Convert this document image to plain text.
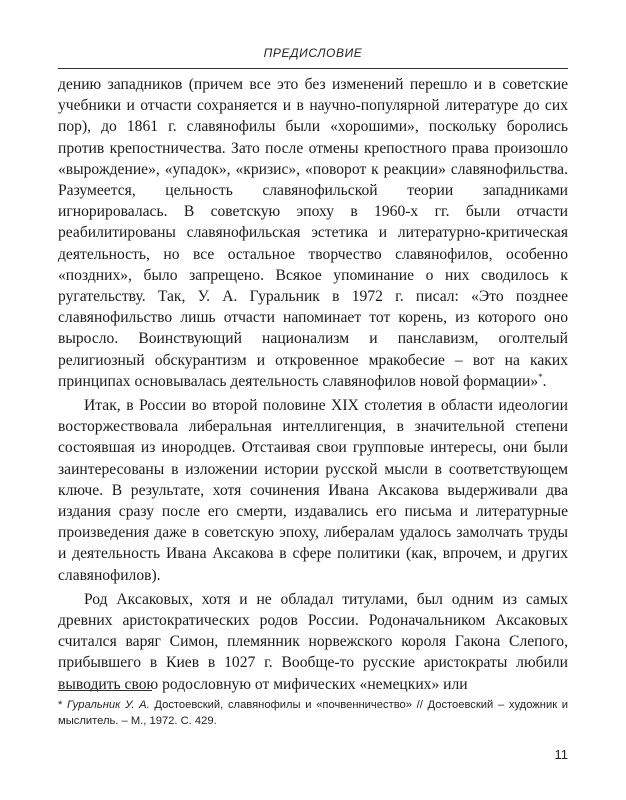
ПРЕДИСЛОВИЕ

дению западников (причем все это без изменений перешло и в советские учебники и отчасти сохраняется и в научно-популярной литературе до сих пор), до 1861 г. славянофилы были «хорошими», поскольку боролись против крепостничества. Зато после отмены крепостного права произошло «вырождение», «упадок», «кризис», «поворот к реакции» славянофильства. Разумеется, цельность славянофильской теории западниками игнорировалась. В советскую эпоху в 1960-х гг. были отчасти реабилитированы славянофильская эстетика и литературно-критическая деятельность, но все остальное творчество славянофилов, особенно «поздних», было запрещено. Всякое упоминание о них сводилось к ругательству. Так, У. А. Гуральник в 1972 г. писал: «Это позднее славянофильство лишь отчасти напоминает тот корень, из которого оно выросло. Воинствующий национализм и панславизм, оголтелый религиозный обскурантизм и откровенное мракобесие – вот на каких принципах основывалась деятельность славянофилов новой формации»*.

Итак, в России во второй половине XIX столетия в области идеологии восторжествовала либеральная интеллигенция, в значительной степени состоявшая из инородцев. Отстаивая свои групповые интересы, они были заинтересованы в изложении истории русской мысли в соответствующем ключе. В результате, хотя сочинения Ивана Аксакова выдерживали два издания сразу после его смерти, издавались его письма и литературные произведения даже в советскую эпоху, либералам удалось замолчать труды и деятельность Ивана Аксакова в сфере политики (как, впрочем, и других славянофилов).

Род Аксаковых, хотя и не обладал титулами, был одним из самых древних аристократических родов России. Родоначальником Аксаковых считался варяг Симон, племянник норвежского короля Гакона Слепого, прибывшего в Киев в 1027 г. Вообще-то русские аристократы любили выводить свою родословную от мифических «немецких» или

* Гуральник У. А. Достоевский, славянофилы и «почвенничество» // Достоевский – художник и мыслитель. – М., 1972. С. 429.
11
